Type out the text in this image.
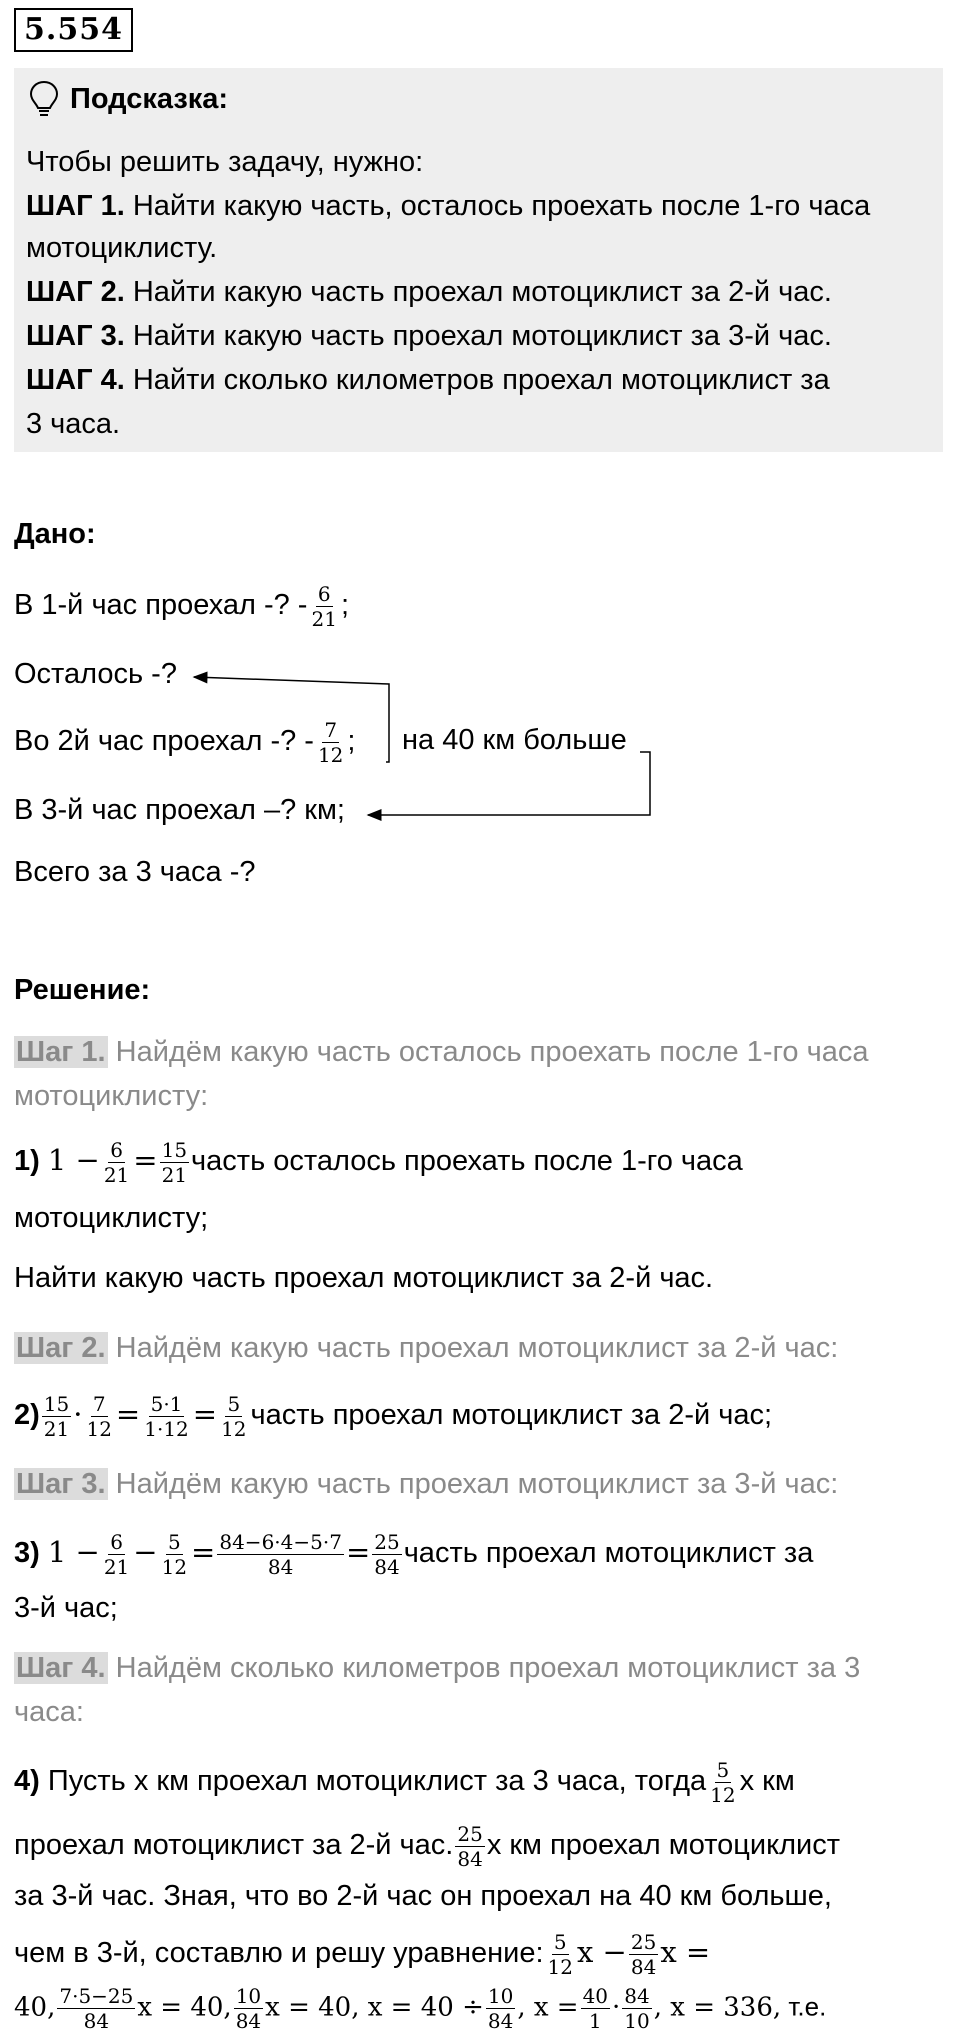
5.554
Подсказка:
Чтобы решить задачу, нужно:
ШАГ 1. Найти какую часть, осталось проехать после 1-го часа
мотоциклисту.
ШАГ 2. Найти какую часть проехал мотоциклист за 2-й час.
ШАГ 3. Найти какую часть проехал мотоциклист за 3-й час.
ШАГ 4. Найти сколько километров проехал мотоциклист за
3 часа.
Дано:
В 1-й час проехал -? - $\frac{6}{21}$ ;
Осталось -?
Во 2й час проехал -? - $\frac{7}{12}$ ; на 40 км больше
В 3-й час проехал –? км;
Всего за 3 часа -?
Решение:
Шаг 1. Найдём какую часть осталось проехать после 1-го часа
мотоциклисту:
1) $1 - \frac{6}{21} = \frac{15}{21}$ часть осталось проехать после 1-го часа
мотоциклисту;
Найти какую часть проехал мотоциклист за 2-й час.
Шаг 2. Найдём какую часть проехал мотоциклист за 2-й час:
$2) \frac{15}{21} \cdot \frac{7}{12} = \frac{5\cdot 1}{1\cdot 12} = \frac{5}{12}$ часть проехал мотоциклист за 2-й час;
Шаг 3. Найдём какую часть проехал мотоциклист за 3-й час:
3) $1 - \frac{6}{21} - \frac{5}{12} = \frac{84-6\cdot 4-5\cdot 7}{84} = \frac{25}{84}$ часть проехал мотоциклист за
3-й час;
Шаг 4. Найдём сколько километров проехал мотоциклист за 3
часа:
4) Пусть x км проехал мотоциклист за 3 часа, тогда $\frac{5}{12}$ x км
проехал мотоциклист за 2-й час. $\frac{25}{84}$ x км проехал мотоциклист
за 3-й час. Зная, что во 2-й час он проехал на 40 км больше,
чем в 3-й, составлю и решу уравнение: $\frac{5}{12}$ $x - \frac{25}{84}$ x =
40, $\frac{7\cdot 5-25}{84}$ x = 40, $\frac{10}{84}$ x = 40, $x = 40 \div \frac{10}{84}$ , $x = \frac{40}{1} \cdot \frac{84}{10}$ , x = 336, т.е.
